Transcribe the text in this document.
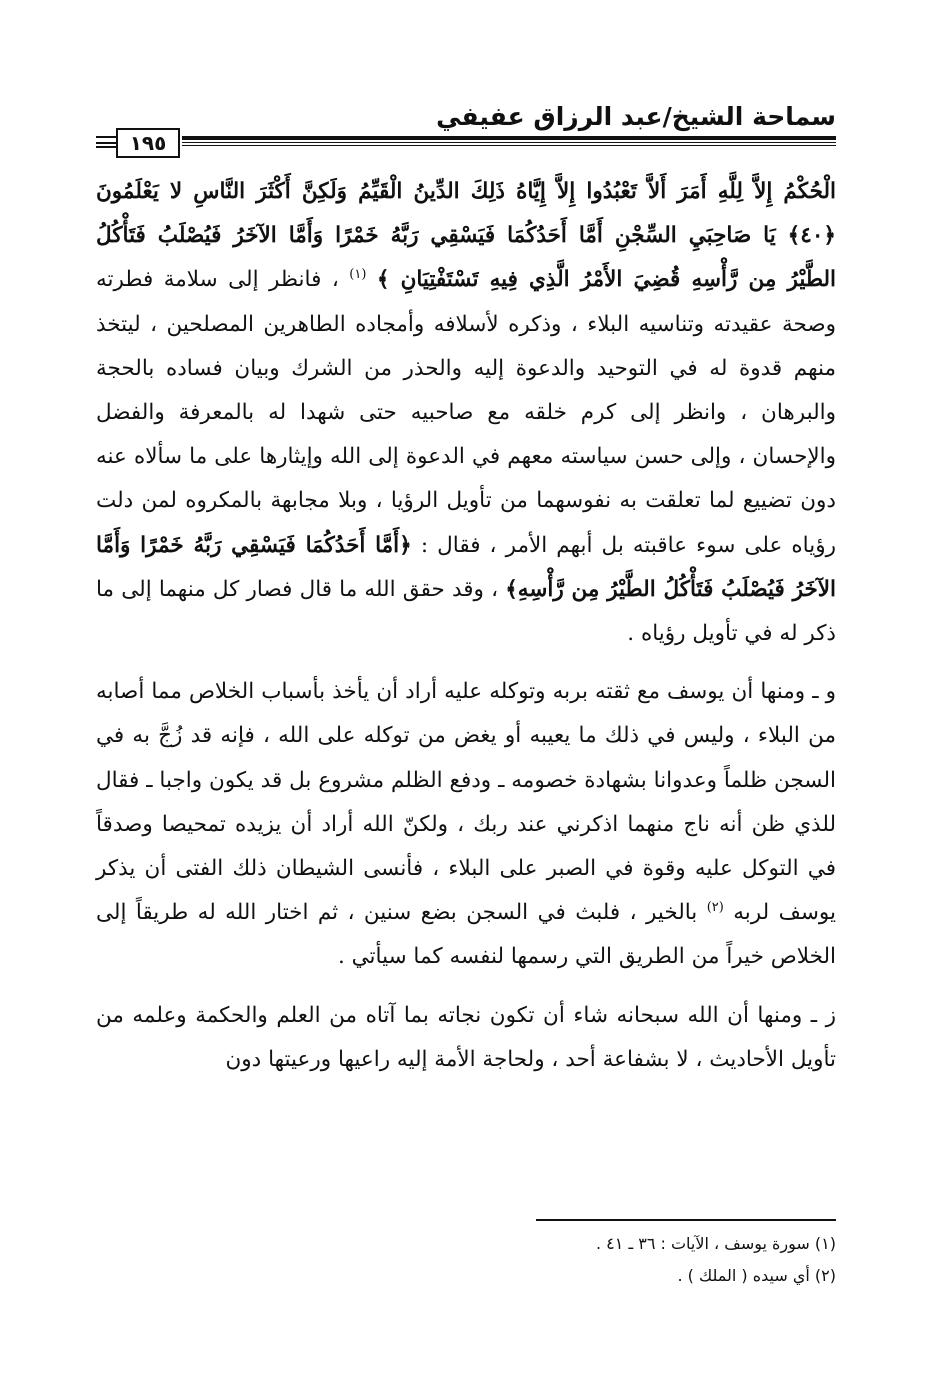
سماحة الشيخ/عبد الرزاق عفيفي
١٩٥

الْحُكْمُ إِلاَّ لِلَّهِ أَمَرَ أَلاَّ تَعْبُدُوا إِلاَّ إِيَّاهُ ذَلِكَ الدِّينُ الْقَيِّمُ وَلَكِنَّ أَكْثَرَ النَّاسِ لا يَعْلَمُونَ ﴿٤٠﴾ يَا صَاحِبَيِ السِّجْنِ أَمَّا أَحَدُكُمَا فَيَسْقِي رَبَّهُ خَمْرًا وَأَمَّا الآخَرُ فَيُصْلَبُ فَتَأْكُلُ الطَّيْرُ مِن رَّأْسِهِ قُضِيَ الأَمْرُ الَّذِي فِيهِ تَسْتَفْتِيَانِ ﴾ $^{(١)}$ ، فانظر إلى سلامة فطرته وصحة عقيدته وتناسيه البلاء ، وذكره لأسلافه وأمجاده الطاهرين المصلحين ، ليتخذ منهم قدوة له في التوحيد والدعوة إليه والحذر من الشرك وبيان فساده بالحجة والبرهان ، وانظر إلى كرم خلقه مع صاحبيه حتى شهدا له بالمعرفة والفضل والإحسان ، وإلى حسن سياسته معهم في الدعوة إلى الله وإيثارها على ما سألاه عنه دون تضييع لما تعلقت به نفوسهما من تأويل الرؤيا ، وبلا مجابهة بالمكروه لمن دلت رؤياه على سوء عاقبته بل أبهم الأمر ، فقال : ﴿أَمَّا أَحَدُكُمَا فَيَسْقِي رَبَّهُ خَمْرًا وَأَمَّا الآخَرُ فَيُصْلَبُ فَتَأْكُلُ الطَّيْرُ مِن رَّأْسِهِ﴾ ، وقد حقق الله ما قال فصار كل منهما إلى ما ذكر له في تأويل رؤياه .

و ـ ومنها أن يوسف مع ثقته بربه وتوكله عليه أراد أن يأخذ بأسباب الخلاص مما أصابه من البلاء ، وليس في ذلك ما يعيبه أو يغض من توكله على الله ، فإنه قد زُجَّ به في السجن ظلماً وعدوانا بشهادة خصومه ـ ودفع الظلم مشروع بل قد يكون واجبا ـ فقال للذي ظن أنه ناج منهما اذكرني عند ربك ، ولكنّ الله أراد أن يزيده تمحيصا وصدقاً في التوكل عليه وقوة في الصبر على البلاء ، فأنسى الشيطان ذلك الفتى أن يذكر يوسف لربه $^{(٢)}$ بالخير ، فلبث في السجن بضع سنين ، ثم اختار الله له طريقاً إلى الخلاص خيراً من الطريق التي رسمها لنفسه كما سيأتي .

ز ـ ومنها أن الله سبحانه شاء أن تكون نجاته بما آتاه من العلم والحكمة وعلمه من تأويل الأحاديث ، لا بشفاعة أحد ، ولحاجة الأمة إليه راعيها ورعيتها دون

(١) سورة يوسف ، الآيات : ٣٦ ـ ٤١ .

(٢) أي سيده ( الملك ) .
